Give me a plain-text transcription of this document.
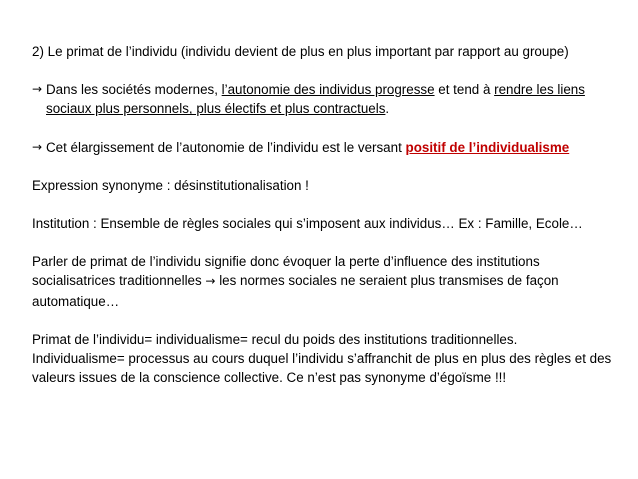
2) Le primat de l’individu (individu devient de plus en plus important par rapport au groupe)

→ Dans les sociétés modernes, l’autonomie des individus progresse et tend à rendre les liens sociaux plus personnels, plus électifs et plus contractuels.

→ Cet élargissement de l’autonomie de l’individu est le versant positif de l’individualisme

Expression synonyme : désinstitutionalisation !

Institution : Ensemble de règles sociales qui s’imposent aux individus… Ex : Famille, Ecole…

Parler de primat de l’individu signifie donc évoquer la perte d’influence des institutions socialisatrices traditionnelles → les normes sociales ne seraient plus transmises de façon automatique…

Primat de l’individu= individualisme= recul du poids des institutions traditionnelles.

Individualisme= processus au cours duquel l’individu s’affranchit de plus en plus des règles et des valeurs issues de la conscience collective. Ce n’est pas synonyme d’égoïsme !!!
